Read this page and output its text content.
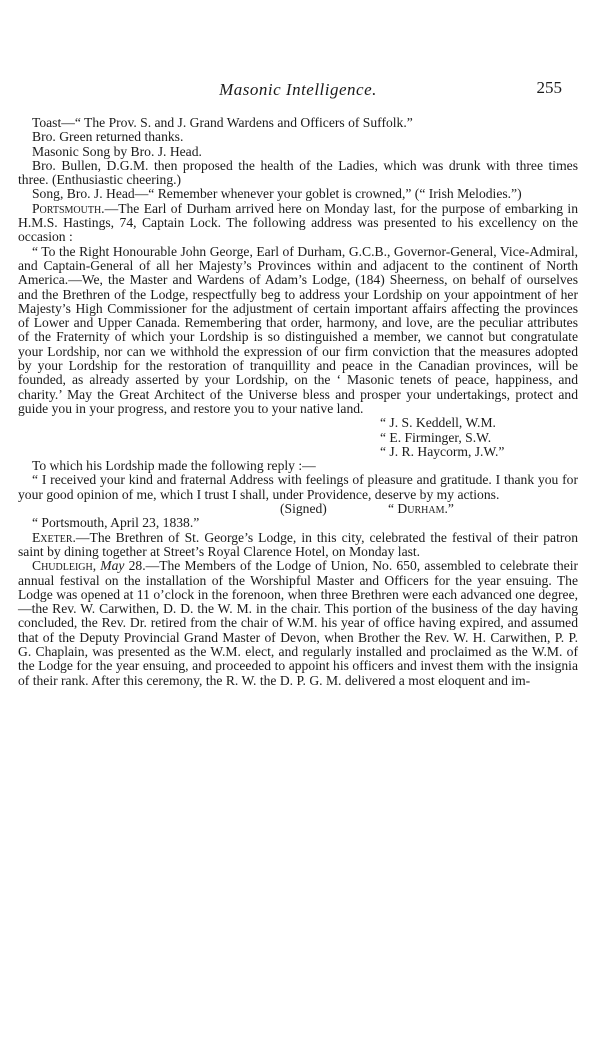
Masonic Intelligence.	255

Toast—“ The Prov. S. and J. Grand Wardens and Officers of Suffolk.”

Bro. Green returned thanks.

Masonic Song by Bro. J. Head.

Bro. Bullen, D.G.M. then proposed the health of the Ladies, which was drunk with three times three. (Enthusiastic cheering.)

Song, Bro. J. Head—“ Remember whenever your goblet is crowned,” (“ Irish Melodies.”)

Portsmouth.—The Earl of Durham arrived here on Monday last, for the purpose of embarking in H.M.S. Hastings, 74, Captain Lock. The following address was presented to his excellency on the occasion :

“ To the Right Honourable John George, Earl of Durham, G.C.B., Governor-General, Vice-Admiral, and Captain-General of all her Majesty’s Provinces within and adjacent to the continent of North America.—We, the Master and Wardens of Adam’s Lodge, (184) Sheerness, on behalf of ourselves and the Brethren of the Lodge, respectfully beg to address your Lordship on your appointment of her Majesty’s High Commissioner for the adjustment of certain important affairs affecting the provinces of Lower and Upper Canada. Remembering that order, harmony, and love, are the peculiar attributes of the Fraternity of which your Lordship is so distinguished a member, we cannot but congratulate your Lordship, nor can we withhold the expression of our firm conviction that the measures adopted by your Lordship for the restoration of tranquillity and peace in the Canadian provinces, will be founded, as already asserted by your Lordship, on the ‘ Masonic tenets of peace, happiness, and charity.’ May the Great Architect of the Universe bless and prosper your undertakings, protect and guide you in your progress, and restore you to your native land.

“ J. S. Keddell, W.M.

“ E. Firminger, S.W.

“ J. R. Haycorm, J.W.”

To which his Lordship made the following reply :—

“ I received your kind and fraternal Address with feelings of pleasure and gratitude. I thank you for your good opinion of me, which I trust I shall, under Providence, deserve by my actions.

(Signed)	“ Durham.”

“ Portsmouth, April 23, 1838.”

Exeter.—The Brethren of St. George’s Lodge, in this city, celebrated the festival of their patron saint by dining together at Street’s Royal Clarence Hotel, on Monday last.

Chudleigh, May 28.—The Members of the Lodge of Union, No. 650, assembled to celebrate their annual festival on the installation of the Worshipful Master and Officers for the year ensuing. The Lodge was opened at 11 o’clock in the forenoon, when three Brethren were each advanced one degree,—the Rev. W. Carwithen, D. D. the W. M. in the chair. This portion of the business of the day having concluded, the Rev. Dr. retired from the chair of W.M. his year of office having expired, and assumed that of the Deputy Provincial Grand Master of Devon, when Brother the Rev. W. H. Carwithen, P. P. G. Chaplain, was presented as the W.M. elect, and regularly installed and proclaimed as the W.M. of the Lodge for the year ensuing, and proceeded to appoint his officers and invest them with the insignia of their rank. After this ceremony, the R. W. the D. P. G. M. delivered a most eloquent and im-
